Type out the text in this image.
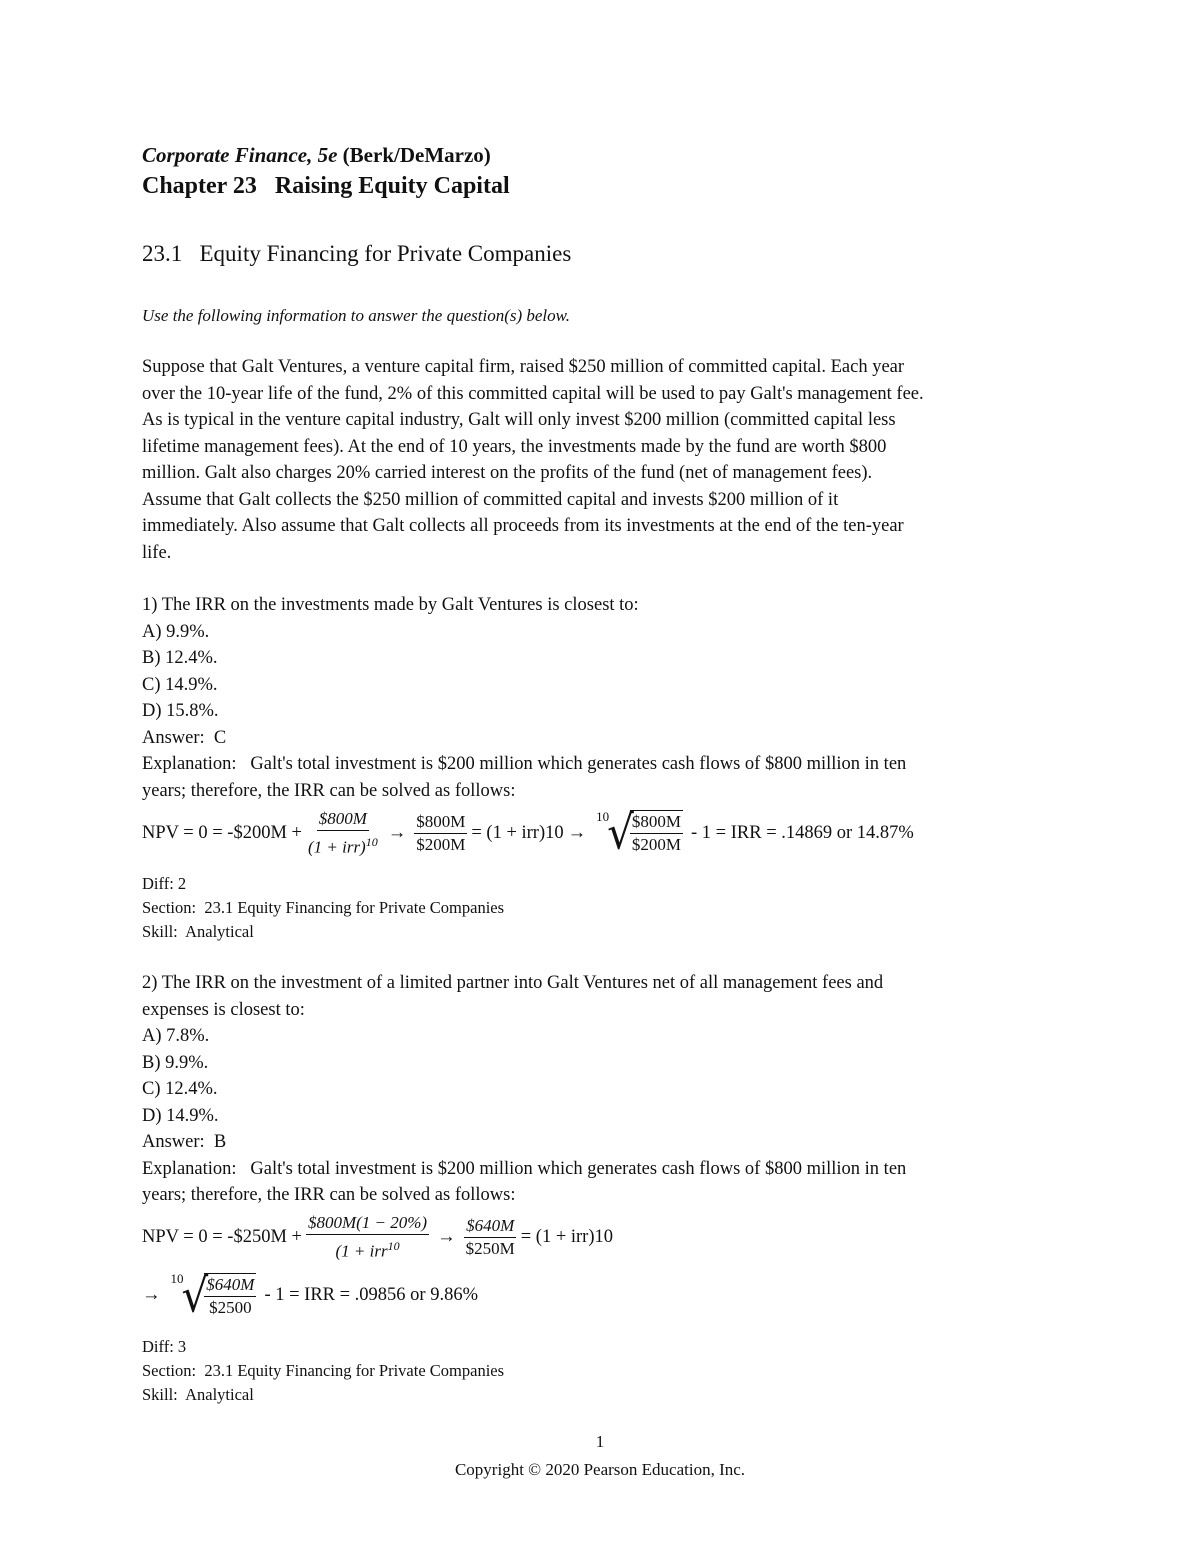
Corporate Finance, 5e (Berk/DeMarzo)

Chapter 23   Raising Equity Capital

23.1   Equity Financing for Private Companies

Use the following information to answer the question(s) below.
Suppose that Galt Ventures, a venture capital firm, raised $250 million of committed capital. Each year
over the 10-year life of the fund, 2% of this committed capital will be used to pay Galt's management fee.
As is typical in the venture capital industry, Galt will only invest $200 million (committed capital less
lifetime management fees). At the end of 10 years, the investments made by the fund are worth $800
million. Galt also charges 20% carried interest on the profits of the fund (net of management fees).
Assume that Galt collects the $250 million of committed capital and invests $200 million of it
immediately. Also assume that Galt collects all proceeds from its investments at the end of the ten-year
life.
1) The IRR on the investments made by Galt Ventures is closest to:
A) 9.9%.
B) 12.4%.
C) 14.9%.
D) 15.8%.
Answer:  C
Explanation:   Galt's total investment is $200 million which generates cash flows of $800 million in ten
years; therefore, the IRR can be solved as follows:
NPV = 0 = -$200M + $\frac{\$800M}{(1 + irr)^{10}} \to \frac{\$800M}{\$200M} = (1 + irr)10$ →
10
√
$\frac{\$800M}{\$200M} - 1$ = IRR = .14869 or 14.87%
Diff: 2
Section:  23.1 Equity Financing for Private Companies
Skill:  Analytical
2) The IRR on the investment of a limited partner into Galt Ventures net of all management fees and
expenses is closest to:
A) 7.8%.
B) 9.9%.
C) 12.4%.
D) 14.9%.
Answer:  B
Explanation:   Galt's total investment is $200 million which generates cash flows of $800 million in ten
years; therefore, the IRR can be solved as follows:
NPV = 0 = -$250M + $\frac{\$800M(1 - 20\%)}{(1 + irr^{10}} \to \frac{\$640M}{\$250M} = (1 + irr)10$
→
10
√
$\frac{\$640M}{\$2500} - 1$ = IRR = .09856 or 9.86%
Diff: 3
Section:  23.1 Equity Financing for Private Companies
Skill:  Analytical
1
Copyright © 2020 Pearson Education, Inc.
